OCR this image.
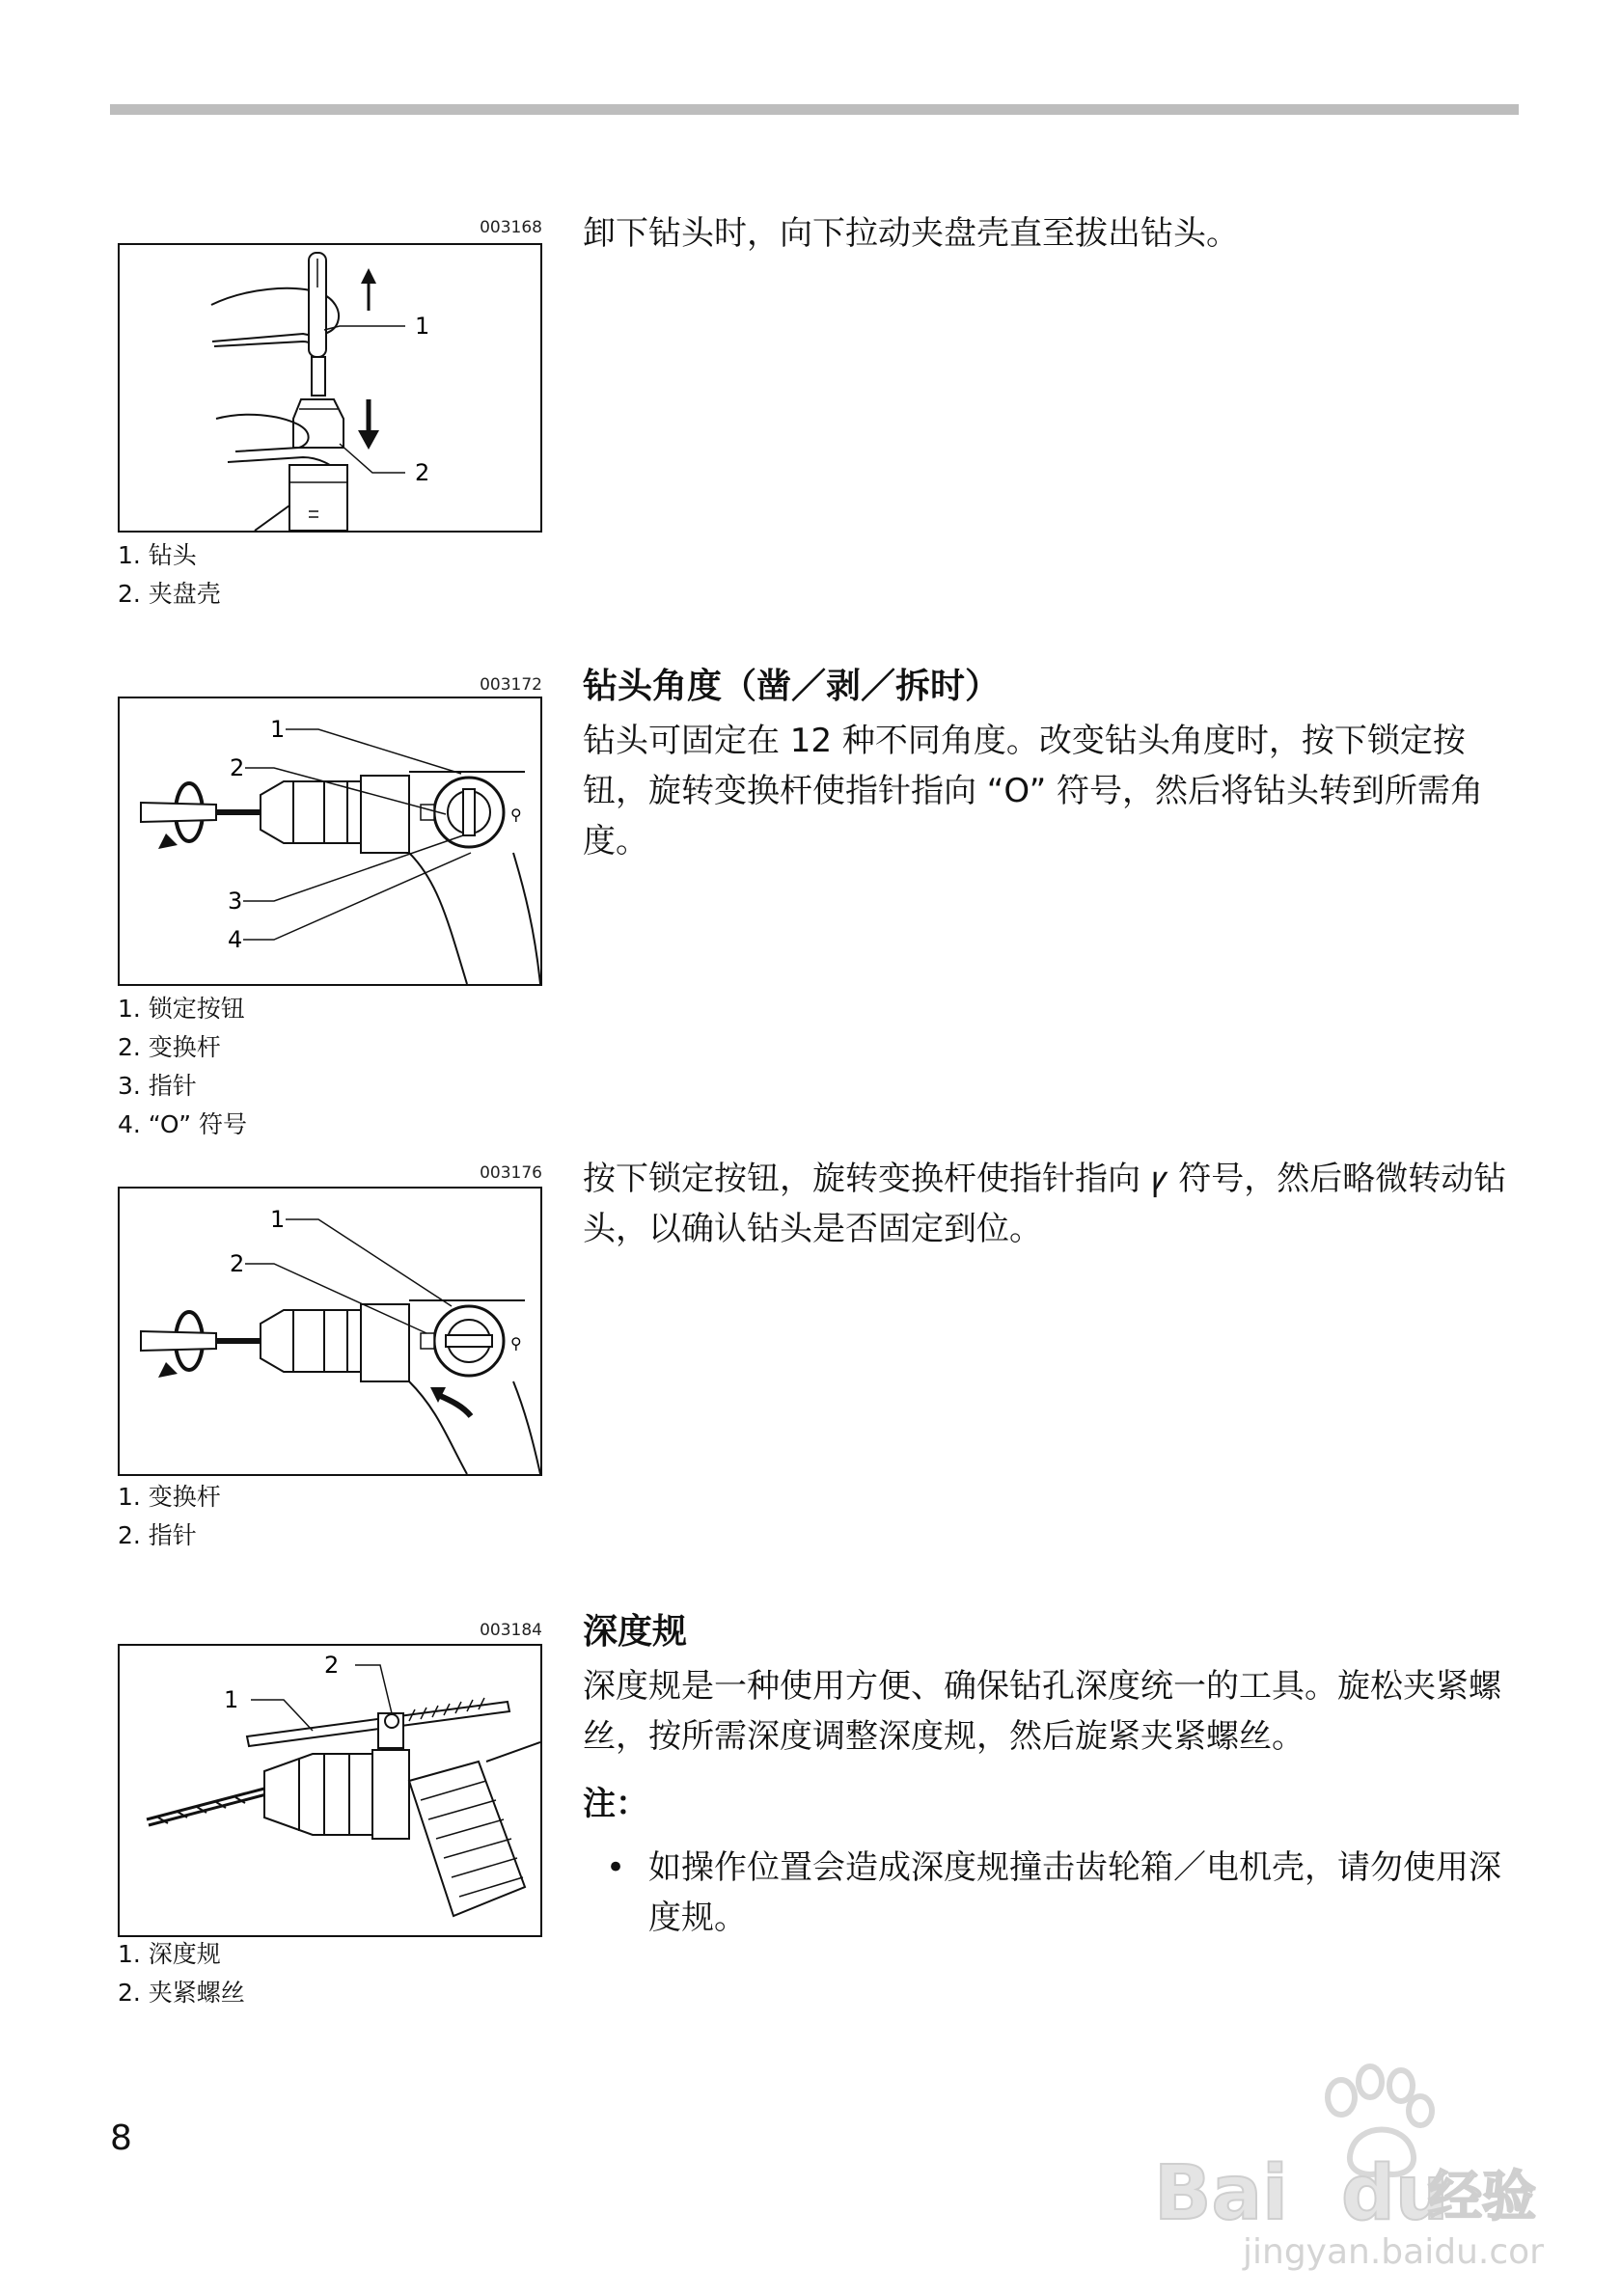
003168
1
2
1. 钻头
2. 夹盘壳

卸下钻头时，向下拉动夹盘壳直至拔出钻头。

003172
⚲
1
2
3
4
1. 锁定按钮
2. 变换杆
3. 指针
4. “O” 符号
钻头角度（凿／剥／拆时）

钻头可固定在 12 种不同角度。改变钻头角度时，按下锁定按钮，旋转变换杆使指针指向 “O” 符号，然后将钻头转到所需角度。

003176
⚲
1
2
1. 变换杆
2. 指针

按下锁定按钮，旋转变换杆使指针指向 ꝩ 符号，然后略微转动钻头，以确认钻头是否固定到位。

003184
1
2
1. 深度规
2. 夹紧螺丝
深度规

深度规是一种使用方便、确保钻孔深度统一的工具。旋松夹紧螺丝，按所需深度调整深度规，然后旋紧夹紧螺丝。

注：
• 如操作位置会造成深度规撞击齿轮箱／电机壳，请勿使用深度规。
8
Bai du
经验
jingyan.baidu.com
